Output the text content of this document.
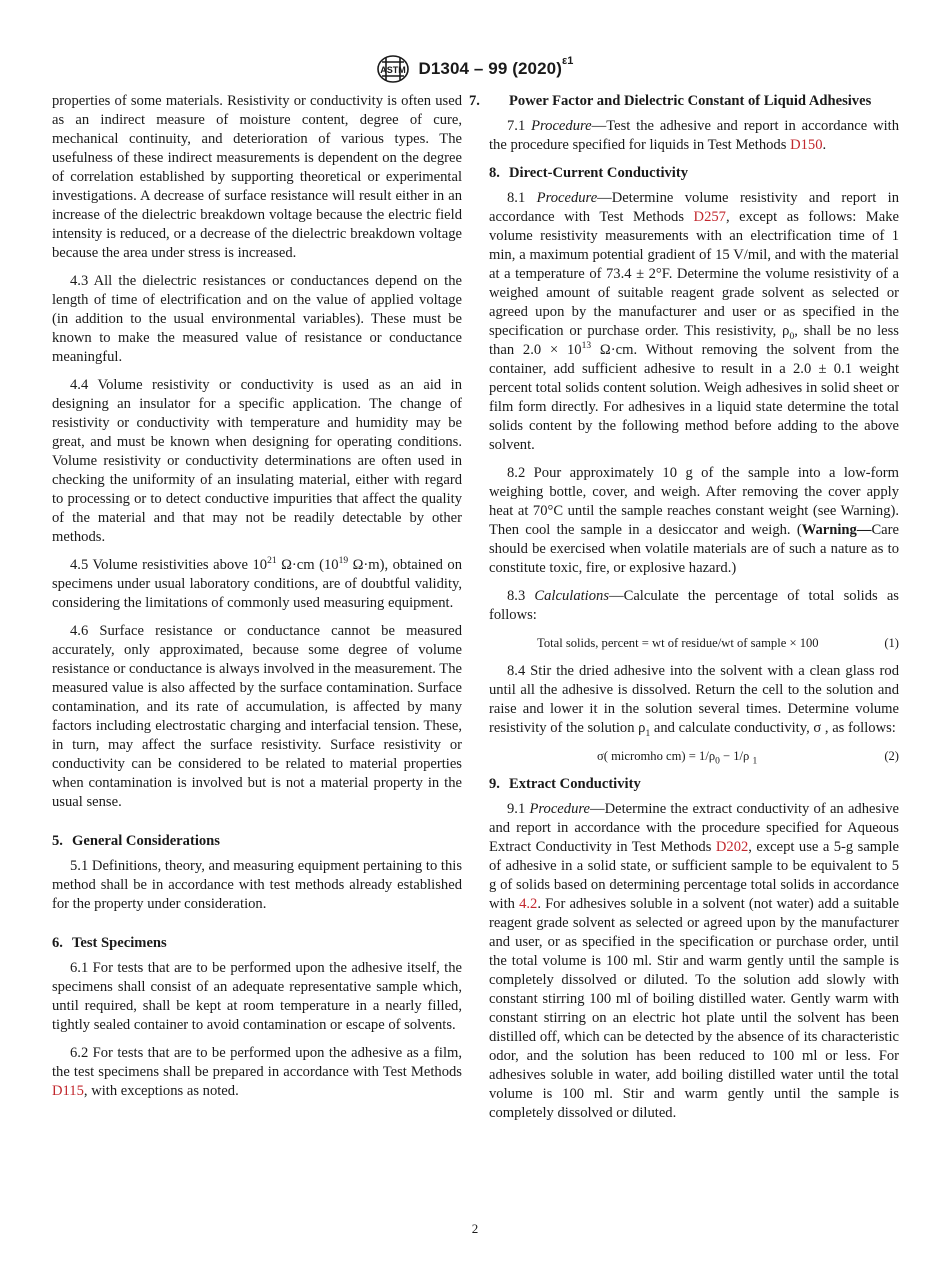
ASTM D1304 – 99 $(2020)^{\varepsilon 1}$

properties of some materials. Resistivity or conductivity is often used as an indirect measure of moisture content, degree of cure, mechanical continuity, and deterioration of various types. The usefulness of these indirect measurements is dependent on the degree of correlation established by supporting theoretical or experimental investigations. A decrease of surface resistance will result either in an increase of the dielectric breakdown voltage because the electric field intensity is reduced, or a decrease of the dielectric breakdown voltage because the area under stress is increased.

4.3 All the dielectric resistances or conductances depend on the length of time of electrification and on the value of applied voltage (in addition to the usual environmental variables). These must be known to make the measured value of resistance or conductance meaningful.

4.4 Volume resistivity or conductivity is used as an aid in designing an insulator for a specific application. The change of resistivity or conductivity with temperature and humidity may be great, and must be known when designing for operating conditions. Volume resistivity or conductivity determinations are often used in checking the uniformity of an insulating material, either with regard to processing or to detect conductive impurities that affect the quality of the material and that may not be readily detectable by other methods.

4.5 Volume resistivities above $10^{21}$ Ω·cm ($10^{19}$ Ω·m), obtained on specimens under usual laboratory conditions, are of doubtful validity, considering the limitations of commonly used measuring equipment.

4.6 Surface resistance or conductance cannot be measured accurately, only approximated, because some degree of volume resistance or conductance is always involved in the measurement. The measured value is also affected by the surface contamination. Surface contamination, and its rate of accumulation, is affected by many factors including electrostatic charging and interfacial tension. These, in turn, may affect the surface resistivity. Surface resistivity or conductivity can be considered to be related to material properties when contamination is involved but is not a material property in the usual sense.

5. General Considerations

5.1 Definitions, theory, and measuring equipment pertaining to this method shall be in accordance with test methods already established for the property under consideration.

6. Test Specimens

6.1 For tests that are to be performed upon the adhesive itself, the specimens shall consist of an adequate representative sample which, until required, shall be kept at room temperature in a nearly filled, tightly sealed container to avoid contamination or escape of solvents.

6.2 For tests that are to be performed upon the adhesive as a film, the test specimens shall be prepared in accordance with Test Methods D115, with exceptions as noted.

7. Power Factor and Dielectric Constant of Liquid Adhesives

7.1 Procedure—Test the adhesive and report in accordance with the procedure specified for liquids in Test Methods D150.

8. Direct-Current Conductivity

8.1 Procedure—Determine volume resistivity and report in accordance with Test Methods D257, except as follows: Make volume resistivity measurements with an electrification time of 1 min, a maximum potential gradient of 15 V/mil, and with the material at a temperature of 73.4 ± 2°F. Determine the volume resistivity of a weighed amount of suitable reagent grade solvent as selected or agreed upon by the manufacturer and user or as specified in the specification or purchase order. This resistivity, $\rho_0$, shall be no less than $2.0 \times 10^{13}$ Ω·cm. Without removing the solvent from the container, add sufficient adhesive to result in a 2.0 ± 0.1 weight percent total solids content solution. Weigh adhesives in solid sheet or film form directly. For adhesives in a liquid state determine the total solids content by the following method before adding to the above solvent.

8.2 Pour approximately 10 g of the sample into a low-form weighing bottle, cover, and weigh. After removing the cover apply heat at 70°C until the sample reaches constant weight (see Warning). Then cool the sample in a desiccator and weigh. (Warning—Care should be exercised when volatile materials are of such a nature as to constitute toxic, fire, or explosive hazard.)

8.3 Calculations—Calculate the percentage of total solids as follows:

Total solids, percent = wt of residue/wt of sample × 100	(1)

8.4 Stir the dried adhesive into the solvent with a clean glass rod until all the adhesive is dissolved. Return the cell to the solution and raise and lower it in the solution several times. Determine volume resistivity of the solution $\rho_1$ and calculate conductivity, σ , as follows:

σ( micromho $cm) = 1/\rho_0 - 1/\rho$ $_1$	(2)
9. Extract Conductivity

9.1 Procedure—Determine the extract conductivity of an adhesive and report in accordance with the procedure specified for Aqueous Extract Conductivity in Test Methods D202, except use a 5-g sample of adhesive in a solid state, or sufficient sample to be equivalent to 5 g of solids based on determining percentage total solids in accordance with 4.2. For adhesives soluble in a solvent (not water) add a suitable reagent grade solvent as selected or agreed upon by the manufacturer and user, or as specified in the specification or purchase order, until the total volume is 100 ml. Stir and warm gently until the sample is completely dissolved or diluted. To the solution add slowly with constant stirring 100 ml of boiling distilled water. Gently warm with constant stirring on an electric hot plate until the solvent has been distilled off, which can be detected by the absence of its characteristic odor, and the solution has been reduced to 100 ml or less. For adhesives soluble in water, add boiling distilled water until the total volume is 100 ml. Stir and warm gently until the sample is completely dissolved or diluted.

2
